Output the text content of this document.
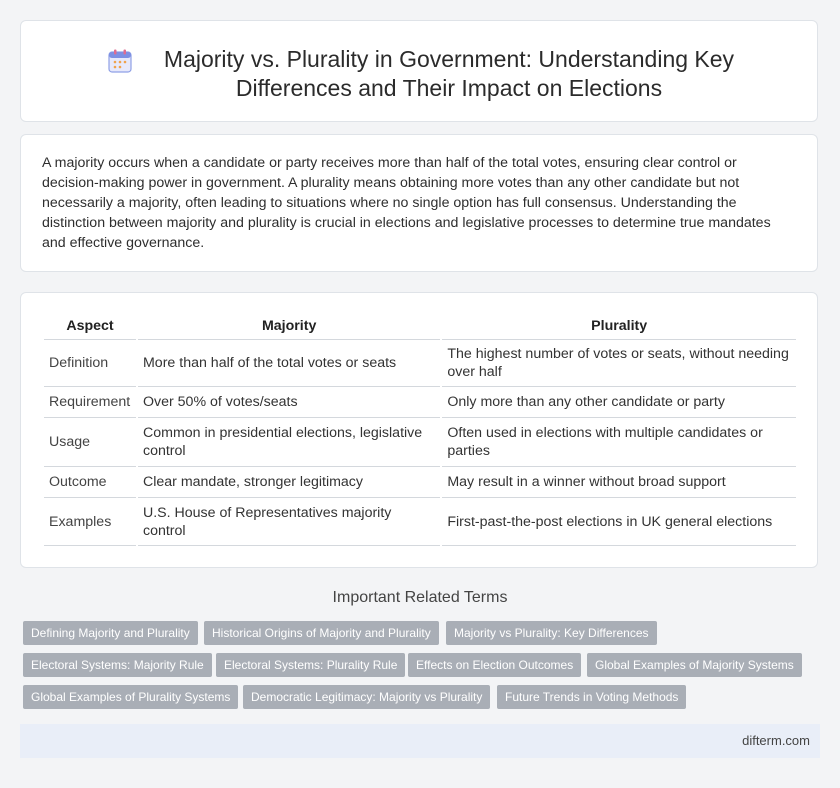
Majority vs. Plurality in Government: Understanding Key Differences and Their Impact on Elections
A majority occurs when a candidate or party receives more than half of the total votes, ensuring clear control or decision-making power in government. A plurality means obtaining more votes than any other candidate but not necessarily a majority, often leading to situations where no single option has full consensus. Understanding the distinction between majority and plurality is crucial in elections and legislative processes to determine true mandates and effective governance.
Aspect	Majority	Plurality
Definition	More than half of the total votes or seats	The highest number of votes or seats, without needing over half
Requirement	Over 50% of votes/seats	Only more than any other candidate or party
Usage	Common in presidential elections, legislative control	Often used in elections with multiple candidates or parties
Outcome	Clear mandate, stronger legitimacy	May result in a winner without broad support
Examples	U.S. House of Representatives majority control	First-past-the-post elections in UK general elections
Important Related Terms
Defining Majority and Plurality	Historical Origins of Majority and Plurality	Majority vs Plurality: Key Differences
Electoral Systems: Majority Rule	Electoral Systems: Plurality Rule	Effects on Election Outcomes	Global Examples of Majority Systems
Global Examples of Plurality Systems	Democratic Legitimacy: Majority vs Plurality	Future Trends in Voting Methods
difterm.com
